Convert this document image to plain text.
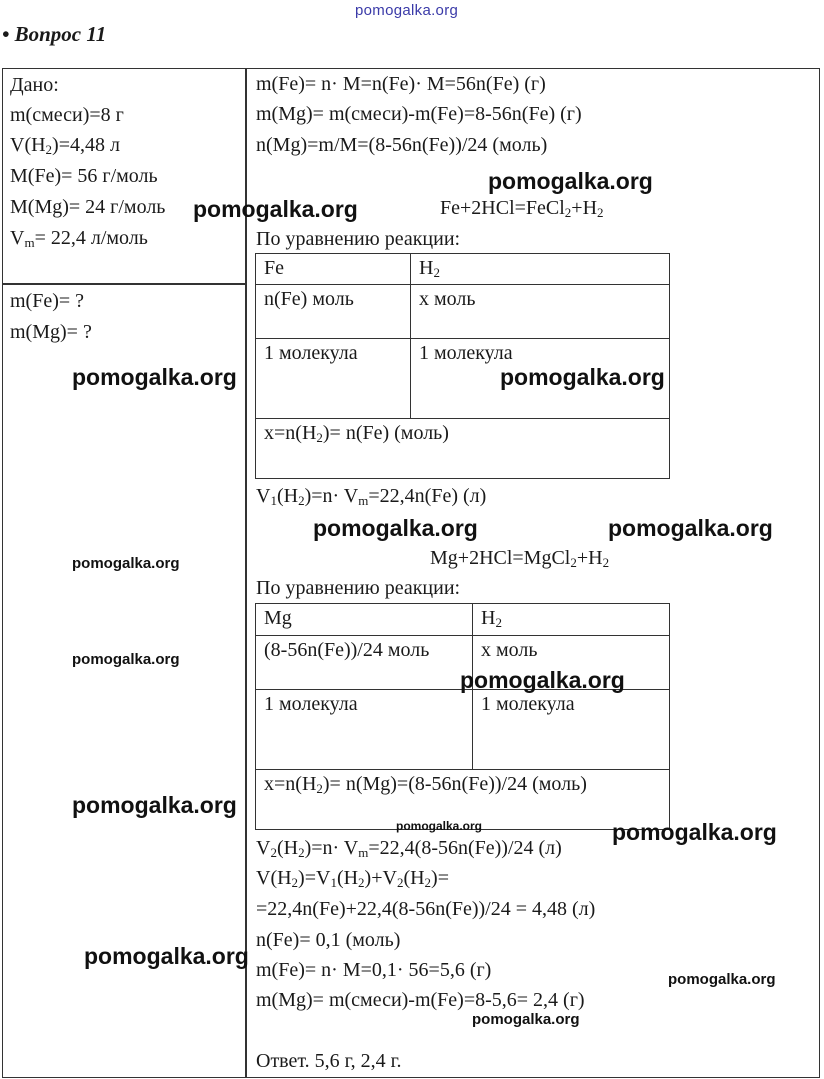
pomogalka.org
• Вопрос 11
Дано:
m(смеси)=8 г
$V(H_2)=4,48$ л
M(Fe)= 56 г/моль
M(Mg)= 24 г/моль
$V_m= 22,4$ л/моль
m(Fe)= ?
m(Mg)= ?
m(Fe)= n· M=n(Fe)· M=56n(Fe) (г)
m(Mg)= m(смеси)-m(Fe)=8-56n(Fe) (г)
n(Mg)=m/M=(8-56n(Fe))/24 (моль)
$Fe+2HCl=FeCl_2+H_2$
По уравнению реакции:
Fe	$H_2$
n(Fe) моль	x моль
1 молекула	1 молекула
$x=n(H_2)= n(Fe)$ (моль)	
$V_1(H_2)=n\cdot V_m=22,4n(Fe)$ (л)
$Mg+2HCl=MgCl_2+H_2$
По уравнению реакции:
Mg	$H_2$
(8-56n(Fe))/24 моль	x моль
1 молекула	1 молекула
$x=n(H_2)= n(Mg)=(8-56n(Fe))/24$ (моль)	
$V_2(H_2)=n\cdot V_m=22,4(8-56n(Fe))/24$ (л)
$V(H_2)=V_1(H_2)+V_2(H_2)=$
=22,4n(Fe)+22,4(8-56n(Fe))/24 = 4,48 (л)
n(Fe)= 0,1 (моль)
m(Fe)= n· M=0,1· 56=5,6 (г)
m(Mg)= m(смеси)-m(Fe)=8-5,6= 2,4 (г)
Ответ. 5,6 г, 2,4 г.
pomogalka.org
pomogalka.org
pomogalka.org	pomogalka.org
pomogalka.org	pomogalka.org
pomogalka.org
pomogalka.org
pomogalka.org
pomogalka.org
pomogalka.org	pomogalka.org
pomogalka.org
pomogalka.org
pomogalka.org
